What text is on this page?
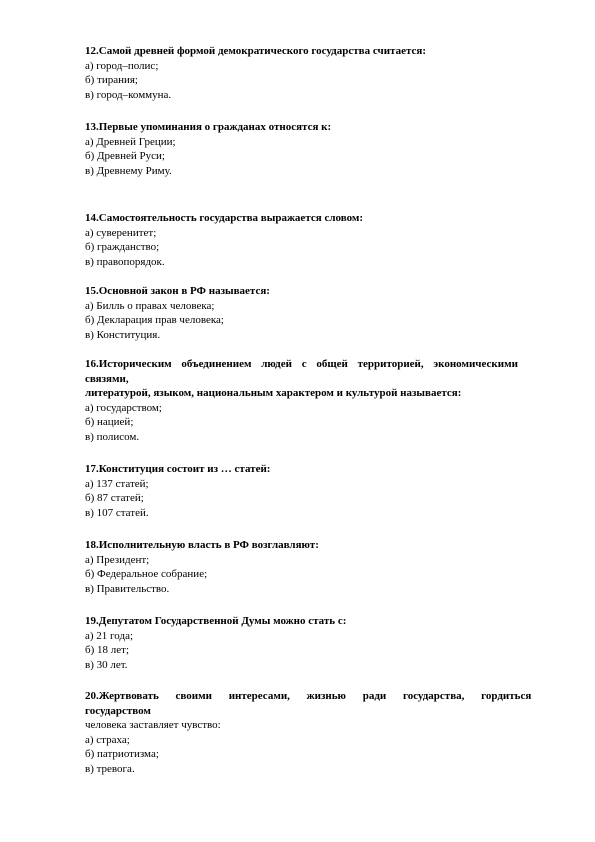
12.Самой древней формой демократического государства считается:
а) город–полис;
б) тирания;
в) город–коммуна.
13.Первые упоминания о гражданах относятся к:
а) Древней Греции;
б) Древней Руси;
в) Древнему Риму.
14.Самостоятельность государства выражается словом:
а) суверенитет;
б) гражданство;
в) правопорядок.
15.Основной закон в РФ называется:
а) Билль о правах человека;
б) Декларация прав человека;
в) Конституция.
16.Историческим объединением людей с общей территорией, экономическими связями,
литературой, языком, национальным характером и культурой называется:
а) государством;
б) нацией;
в) полисом.
17.Конституция состоит из … статей:
а) 137 статей;
б) 87 статей;
в) 107 статей.
18.Исполнительную власть в РФ возглавляют:
а) Президент;
б) Федеральное собрание;
в) Правительство.
19.Депутатом Государственной Думы можно стать с:
а) 21 года;
б) 18 лет;
в) 30 лет.
20.Жертвовать своими интересами, жизнью ради государства, гордиться государством
человека заставляет чувство:
а) страха;
б) патриотизма;
в) тревога.
